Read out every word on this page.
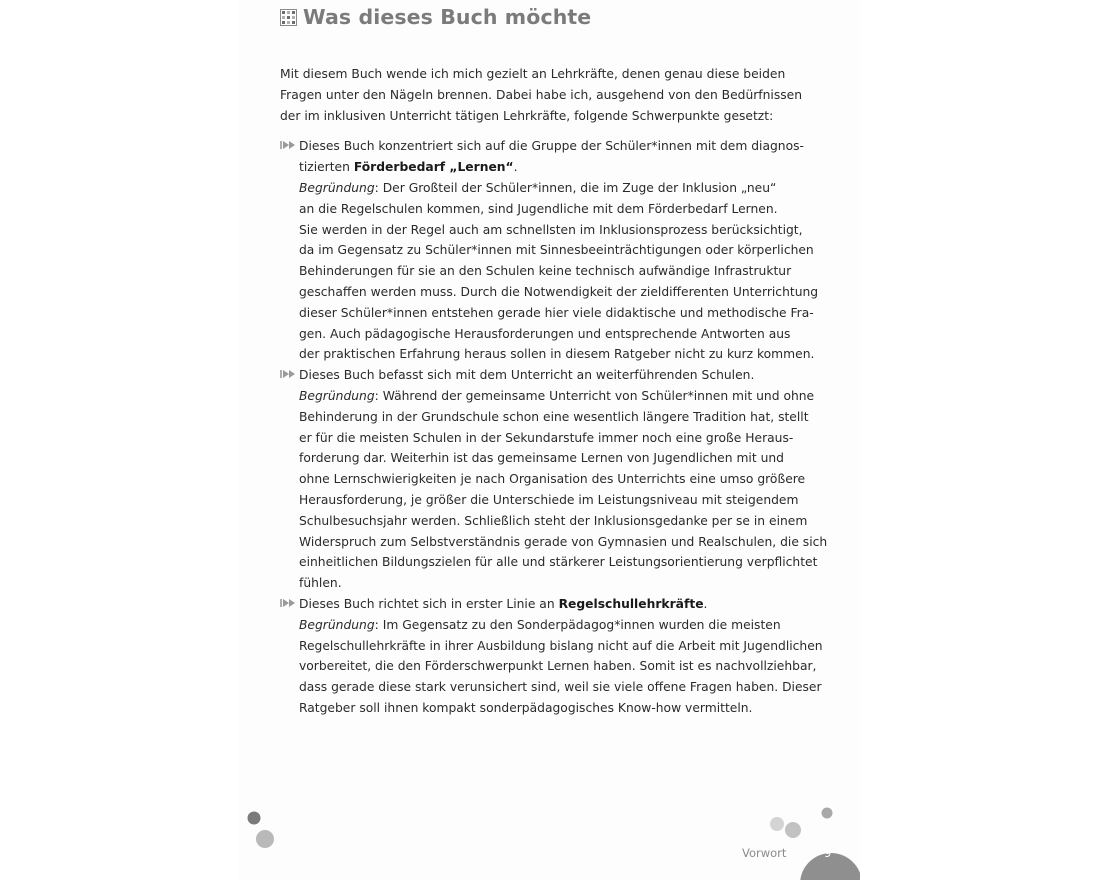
Was dieses Buch möchte

Mit diesem Buch wende ich mich gezielt an Lehrkräfte, denen genau diese beiden
Fragen unter den Nägeln brennen. Dabei habe ich, ausgehend von den Bedürfnissen
der im inklusiven Unterricht tätigen Lehrkräfte, folgende Schwerpunkte gesetzt:

Dieses Buch konzentriert sich auf die Gruppe der Schüler*innen mit dem diagnos-
tizierten Förderbedarf „Lernen“.
Begründung: Der Großteil der Schüler*innen, die im Zuge der Inklusion „neu“
an die Regelschulen kommen, sind Jugendliche mit dem Förderbedarf Lernen.
Sie werden in der Regel auch am schnellsten im Inklusionsprozess berücksichtigt,
da im Gegensatz zu Schüler*innen mit Sinnesbeeinträchtigungen oder körperlichen
Behinderungen für sie an den Schulen keine technisch aufwändige Infrastruktur
geschaffen werden muss. Durch die Notwendigkeit der zieldifferenten Unterrichtung
dieser Schüler*innen entstehen gerade hier viele didaktische und methodische Fra-
gen. Auch pädagogische Herausforderungen und entsprechende Antworten aus
der praktischen Erfahrung heraus sollen in diesem Ratgeber nicht zu kurz kommen.
Dieses Buch befasst sich mit dem Unterricht an weiterführenden Schulen.
Begründung: Während der gemeinsame Unterricht von Schüler*innen mit und ohne
Behinderung in der Grundschule schon eine wesentlich längere Tradition hat, stellt
er für die meisten Schulen in der Sekundarstufe immer noch eine große Heraus-
forderung dar. Weiterhin ist das gemeinsame Lernen von Jugendlichen mit und
ohne Lernschwierigkeiten je nach Organisation des Unterrichts eine umso größere
Herausforderung, je größer die Unterschiede im Leistungsniveau mit steigendem
Schulbesuchsjahr werden. Schließlich steht der Inklusionsgedanke per se in einem
Widerspruch zum Selbstverständnis gerade von Gymnasien und Realschulen, die sich
einheitlichen Bildungszielen für alle und stärkerer Leistungsorientierung verpflichtet
fühlen.
Dieses Buch richtet sich in erster Linie an Regelschullehrkräfte.
Begründung: Im Gegensatz zu den Sonderpädagog*innen wurden die meisten
Regelschullehrkräfte in ihrer Ausbildung bislang nicht auf die Arbeit mit Jugendlichen
vorbereitet, die den Förderschwerpunkt Lernen haben. Somit ist es nachvollziehbar,
dass gerade diese stark verunsichert sind, weil sie viele offene Fragen haben. Dieser
Ratgeber soll ihnen kompakt sonderpädagogisches Know-how vermitteln.
Vorwort	9
